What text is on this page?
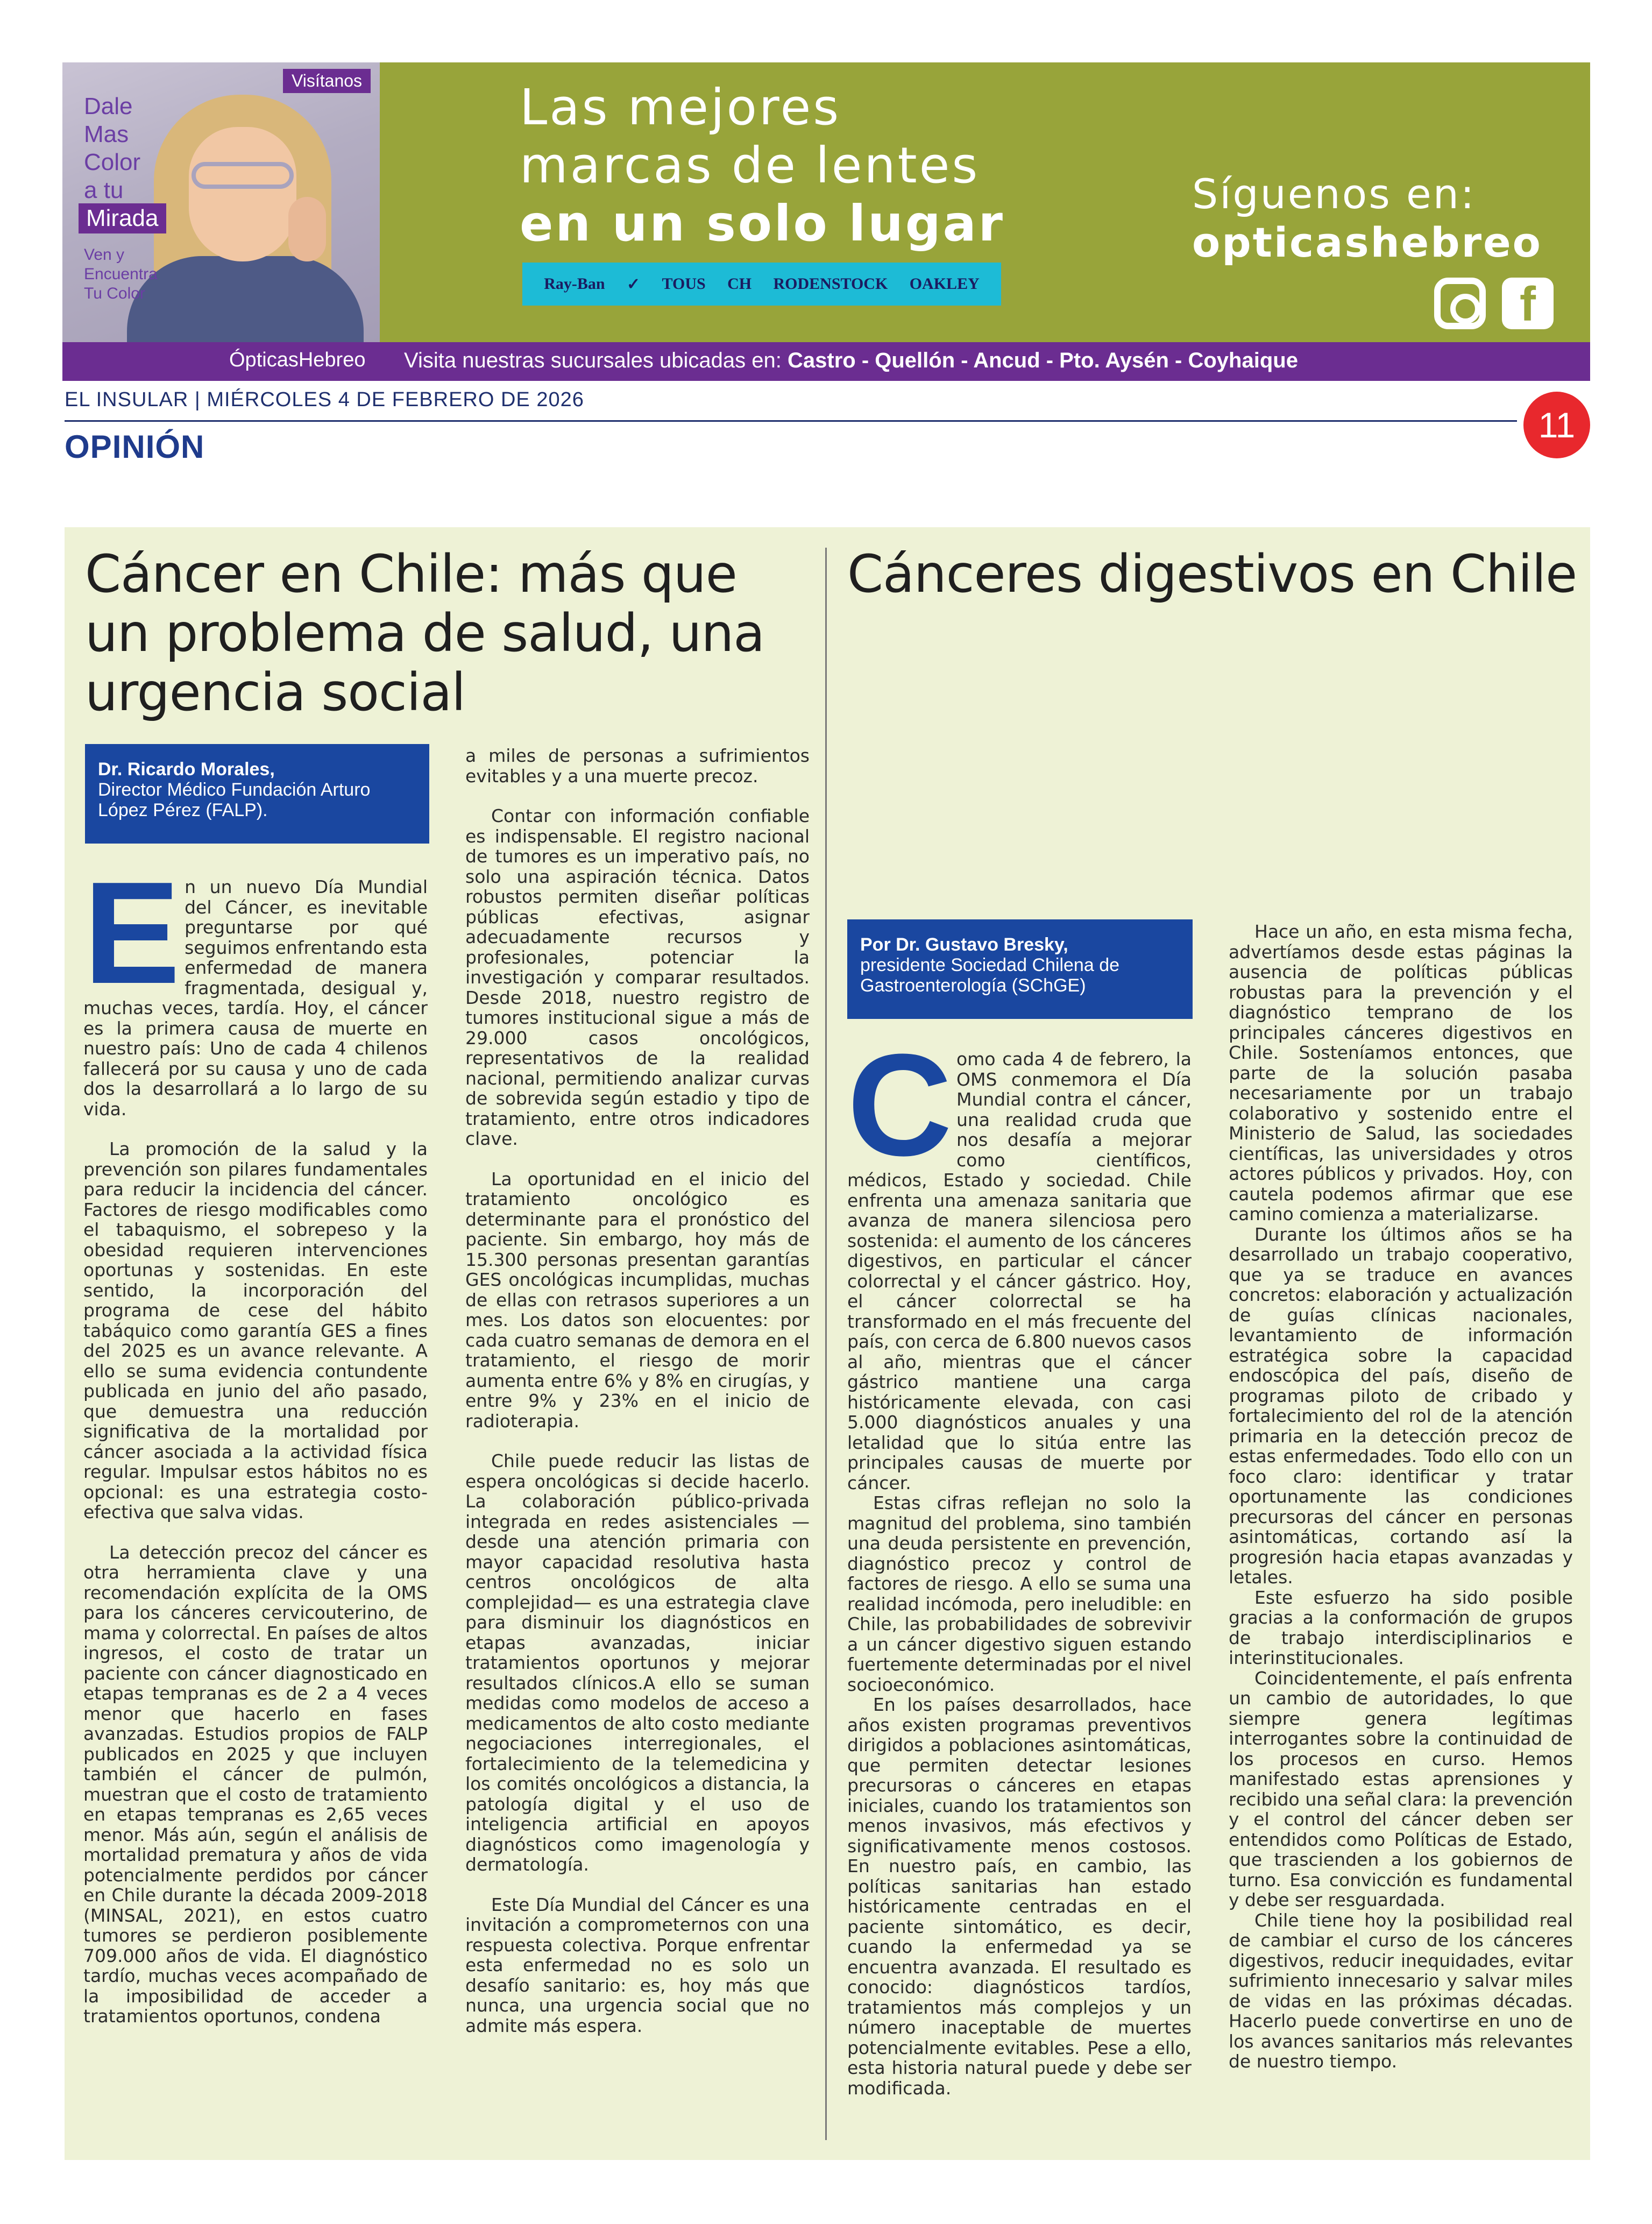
Dale
Mas
Color
a tu
Mirada
Ven y
Encuentra
Tu Color
Visítanos	Las mejores
marcas de lentes
en un solo lugar
Ray-Ban ✓ TOUS CH RODENSTOCK OAKLEY
Síguenos en:
opticashebreo
f
ÓpticasHebreo Visita nuestras sucursales ubicadas en: Castro - Quellón - Ancud - Pto. Aysén - Coyhaique
EL INSULAR | MIÉRCOLES 4 DE FEBRERO DE 2026
11
OPINIÓN
Cáncer en Chile: más que un problema de salud, una urgencia social
Dr. Ricardo Morales,
Director Médico Fundación Arturo López Pérez (FALP).

En un nuevo Día Mundial del Cáncer, es inevitable preguntarse por qué seguimos enfrentando esta enfermedad de manera fragmentada, desigual y, muchas veces, tardía. Hoy, el cáncer es la primera causa de muerte en nuestro país: Uno de cada 4 chilenos fallecerá por su causa y uno de cada dos la desarrollará a lo largo de su vida.

La promoción de la salud y la prevención son pilares fundamentales para reducir la incidencia del cáncer. Factores de riesgo modificables como el tabaquismo, el sobrepeso y la obesidad requieren intervenciones oportunas y sostenidas. En este sentido, la incorporación del programa de cese del hábito tabáquico como garantía GES a fines del 2025 es un avance relevante. A ello se suma evidencia contundente publicada en junio del año pasado, que demuestra una reducción significativa de la mortalidad por cáncer asociada a la actividad física regular. Impulsar estos hábitos no es opcional: es una estrategia costo-efectiva que salva vidas.

La detección precoz del cáncer es otra herramienta clave y una recomendación explícita de la OMS para los cánceres cervicouterino, de mama y colorrectal. En países de altos ingresos, el costo de tratar un paciente con cáncer diagnosticado en etapas tempranas es de 2 a 4 veces menor que hacerlo en fases avanzadas. Estudios propios de FALP publicados en 2025 y que incluyen también el cáncer de pulmón, muestran que el costo de tratamiento en etapas tempranas es 2,65 veces menor. Más aún, según el análisis de mortalidad prematura y años de vida potencialmente perdidos por cáncer en Chile durante la década 2009-2018 (MINSAL, 2021), en estos cuatro tumores se perdieron posiblemente 709.000 años de vida. El diagnóstico tardío, muchas veces acompañado de la imposibilidad de acceder a tratamientos oportunos, condena

a miles de personas a sufrimientos evitables y a una muerte precoz.

Contar con información confiable es indispensable. El registro nacional de tumores es un imperativo país, no solo una aspiración técnica. Datos robustos permiten diseñar políticas públicas efectivas, asignar adecuadamente recursos y profesionales, potenciar la investigación y comparar resultados. Desde 2018, nuestro registro de tumores institucional sigue a más de 29.000 casos oncológicos, representativos de la realidad nacional, permitiendo analizar curvas de sobrevida según estadio y tipo de tratamiento, entre otros indicadores clave.

La oportunidad en el inicio del tratamiento oncológico es determinante para el pronóstico del paciente. Sin embargo, hoy más de 15.300 personas presentan garantías GES oncológicas incumplidas, muchas de ellas con retrasos superiores a un mes. Los datos son elocuentes: por cada cuatro semanas de demora en el tratamiento, el riesgo de morir aumenta entre 6% y 8% en cirugías, y entre 9% y 23% en el inicio de radioterapia.

Chile puede reducir las listas de espera oncológicas si decide hacerlo. La colaboración público-privada integrada en redes asistenciales —desde una atención primaria con mayor capacidad resolutiva hasta centros oncológicos de alta complejidad— es una estrategia clave para disminuir los diagnósticos en etapas avanzadas, iniciar tratamientos oportunos y mejorar resultados clínicos.A ello se suman medidas como modelos de acceso a medicamentos de alto costo mediante negociaciones interregionales, el fortalecimiento de la telemedicina y los comités oncológicos a distancia, la patología digital y el uso de inteligencia artificial en apoyos diagnósticos como imagenología y dermatología.

Este Día Mundial del Cáncer es una invitación a comprometernos con una respuesta colectiva. Porque enfrentar esta enfermedad no es solo un desafío sanitario: es, hoy más que nunca, una urgencia social que no admite más espera.

Cánceres digestivos en Chile
Por Dr. Gustavo Bresky,
presidente Sociedad Chilena de Gastroenterología (SChGE)

Como cada 4 de febrero, la OMS conmemora el Día Mundial contra el cáncer, una realidad cruda que nos desafía a mejorar como científicos, médicos, Estado y sociedad. Chile enfrenta una amenaza sanitaria que avanza de manera silenciosa pero sostenida: el aumento de los cánceres digestivos, en particular el cáncer colorrectal y el cáncer gástrico. Hoy, el cáncer colorrectal se ha transformado en el más frecuente del país, con cerca de 6.800 nuevos casos al año, mientras que el cáncer gástrico mantiene una carga históricamente elevada, con casi 5.000 diagnósticos anuales y una letalidad que lo sitúa entre las principales causas de muerte por cáncer.

Estas cifras reflejan no solo la magnitud del problema, sino también una deuda persistente en prevención, diagnóstico precoz y control de factores de riesgo. A ello se suma una realidad incómoda, pero ineludible: en Chile, las probabilidades de sobrevivir a un cáncer digestivo siguen estando fuertemente determinadas por el nivel socioeconómico.

En los países desarrollados, hace años existen programas preventivos dirigidos a poblaciones asintomáticas, que permiten detectar lesiones precursoras o cánceres en etapas iniciales, cuando los tratamientos son menos invasivos, más efectivos y significativamente menos costosos. En nuestro país, en cambio, las políticas sanitarias han estado históricamente centradas en el paciente sintomático, es decir, cuando la enfermedad ya se encuentra avanzada. El resultado es conocido: diagnósticos tardíos, tratamientos más complejos y un número inaceptable de muertes potencialmente evitables. Pese a ello, esta historia natural puede y debe ser modificada.

Hace un año, en esta misma fecha, advertíamos desde estas páginas la ausencia de políticas públicas robustas para la prevención y el diagnóstico temprano de los principales cánceres digestivos en Chile. Sosteníamos entonces, que parte de la solución pasaba necesariamente por un trabajo colaborativo y sostenido entre el Ministerio de Salud, las sociedades científicas, las universidades y otros actores públicos y privados. Hoy, con cautela podemos afirmar que ese camino comienza a materializarse.

Durante los últimos años se ha desarrollado un trabajo cooperativo, que ya se traduce en avances concretos: elaboración y actualización de guías clínicas nacionales, levantamiento de información estratégica sobre la capacidad endoscópica del país, diseño de programas piloto de cribado y fortalecimiento del rol de la atención primaria en la detección precoz de estas enfermedades. Todo ello con un foco claro: identificar y tratar oportunamente las condiciones precursoras del cáncer en personas asintomáticas, cortando así la progresión hacia etapas avanzadas y letales.

Este esfuerzo ha sido posible gracias a la conformación de grupos de trabajo interdisciplinarios e interinstitucionales.

Coincidentemente, el país enfrenta un cambio de autoridades, lo que siempre genera legítimas interrogantes sobre la continuidad de los procesos en curso. Hemos manifestado estas aprensiones y recibido una señal clara: la prevención y el control del cáncer deben ser entendidos como Políticas de Estado, que trascienden a los gobiernos de turno. Esa convicción es fundamental y debe ser resguardada.

Chile tiene hoy la posibilidad real de cambiar el curso de los cánceres digestivos, reducir inequidades, evitar sufrimiento innecesario y salvar miles de vidas en las próximas décadas. Hacerlo puede convertirse en uno de los avances sanitarios más relevantes de nuestro tiempo.
